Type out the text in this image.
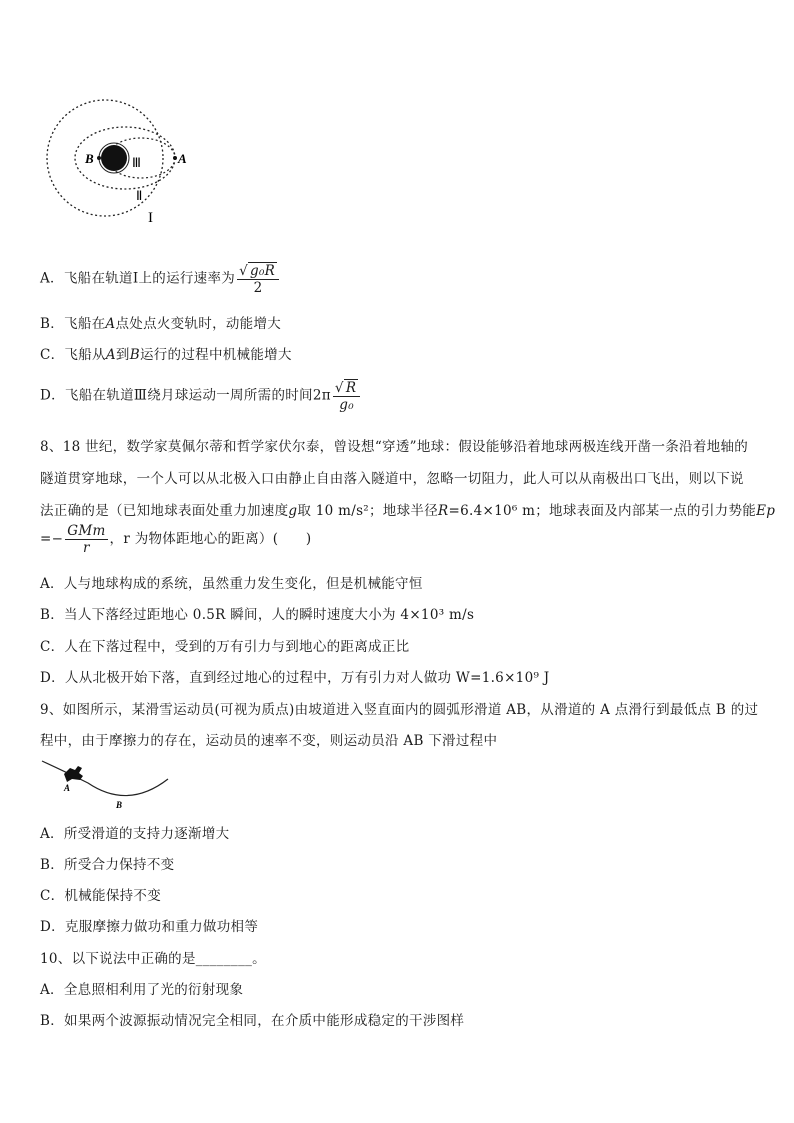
B	A
Ⅲ
Ⅱ
I
A．飞船在轨道Ⅰ上的运行速率为 $\frac{\text{√ g₀R}}{2}$
B．飞船在A点处点火变轨时，动能增大
C．飞船从A到B运行的过程中机械能增大
D．飞船在轨道Ⅲ绕月球运动一周所需的时间$2\pi \frac{√ R}{\text{g₀}}$
8、18 世纪，数学家莫佩尔蒂和哲学家伏尔泰，曾设想“穿透”地球：假设能够沿着地球两极连线开凿一条沿着地轴的
隧道贯穿地球，一个人可以从北极入口由静止自由落入隧道中，忽略一切阻力，此人可以从南极出口飞出，则以下说
法正确的是（已知地球表面处重力加速度g取 10 m/s²；地球半径R=6.4×10⁶ m；地球表面及内部某一点的引力势能Ep
=− $\frac{\text{GMm}}{r}$ ，r 为物体距地心的距离）(　　)
A．人与地球构成的系统，虽然重力发生变化，但是机械能守恒
B．当人下落经过距地心 0.5R 瞬间，人的瞬时速度大小为 4×10³ m/s
C．人在下落过程中，受到的万有引力与到地心的距离成正比
D．人从北极开始下落，直到经过地心的过程中，万有引力对人做功 W=1.6×10⁹ J
9、如图所示，某滑雪运动员(可视为质点)由坡道进入竖直面内的圆弧形滑道 AB，从滑道的 A 点滑行到最低点 B 的过
程中，由于摩擦力的存在，运动员的速率不变，则运动员沿 AB 下滑过程中
A
B
A．所受滑道的支持力逐渐增大
B．所受合力保持不变
C．机械能保持不变
D．克服摩擦力做功和重力做功相等
10、以下说法中正确的是________。
A．全息照相利用了光的衍射现象
B．如果两个波源振动情况完全相同，在介质中能形成稳定的干涉图样
